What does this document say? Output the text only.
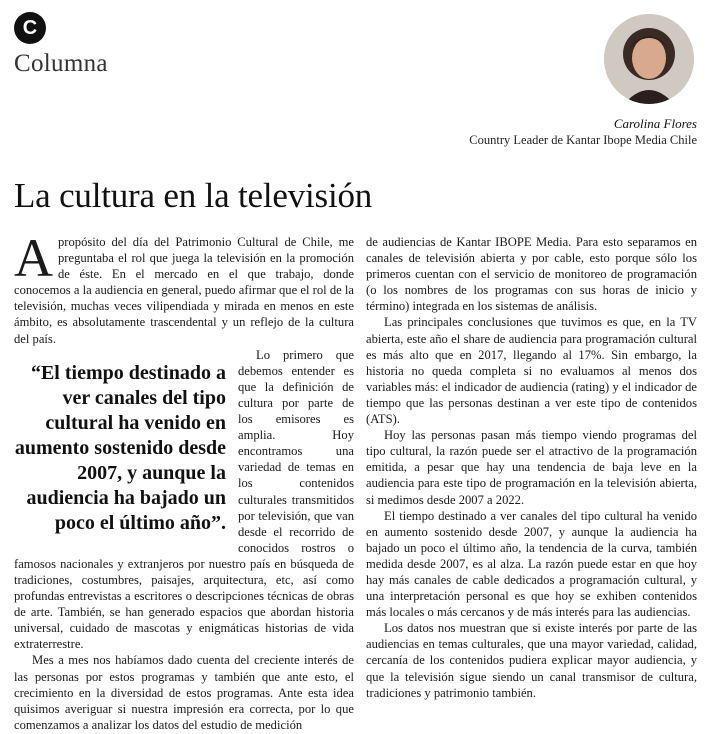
C
Columna
Carolina Flores
Country Leader de Kantar Ibope Media Chile
La cultura en la televisión

Apropósito del día del Patrimonio Cultural de Chile, me preguntaba el rol que juega la televisión en la promoción de éste. En el mercado en el que trabajo, donde conocemos a la audiencia en general, puedo afirmar que el rol de la televisión, muchas veces vilipendiada y mirada en menos en este ámbito, es absolutamente trascendental y un reflejo de la cultura del país.

“El tiempo destinado a ver canales del tipo cultural ha venido en aumento sostenido desde 2007, y aunque la audiencia ha bajado un poco el último año”.

Lo primero que debemos entender es que la definición de cultura por parte de los emisores es amplia. Hoy encontramos una variedad de temas en los contenidos culturales transmitidos por televisión, que van desde el recorrido de conocidos rostros o famosos nacionales y extranjeros por nuestro país en búsqueda de tradiciones, costumbres, paisajes, arquitectura, etc, así como profundas entrevistas a escritores o descripciones técnicas de obras de arte. También, se han generado espacios que abordan historia universal, cuidado de mascotas y enigmáticas historias de vida extraterrestre.

Mes a mes nos habíamos dado cuenta del creciente interés de las personas por estos programas y también que ante esto, el crecimiento en la diversidad de estos programas. Ante esta idea quisimos averiguar si nuestra impresión era correcta, por lo que comenzamos a analizar los datos del estudio de medición

de audiencias de Kantar IBOPE Media. Para esto separamos en canales de televisión abierta y por cable, esto porque sólo los primeros cuentan con el servicio de monitoreo de programación (o los nombres de los programas con sus horas de inicio y término) integrada en los sistemas de análisis.

Las principales conclusiones que tuvimos es que, en la TV abierta, este año el share de audiencia para programación cultural es más alto que en 2017, llegando al 17%. Sin embargo, la historia no queda completa si no evaluamos al menos dos variables más: el indicador de audiencia (rating) y el indicador de tiempo que las personas destinan a ver este tipo de contenidos (ATS).

Hoy las personas pasan más tiempo viendo programas del tipo cultural, la razón puede ser el atractivo de la programación emitida, a pesar que hay una tendencia de baja leve en la audiencia para este tipo de programación en la televisión abierta, si medimos desde 2007 a 2022.

El tiempo destinado a ver canales del tipo cultural ha venido en aumento sostenido desde 2007, y aunque la audiencia ha bajado un poco el último año, la tendencia de la curva, también medida desde 2007, es al alza. La razón puede estar en que hoy hay más canales de cable dedicados a programación cultural, y una interpretación personal es que hoy se exhiben contenidos más locales o más cercanos y de más interés para las audiencias.

Los datos nos muestran que si existe interés por parte de las audiencias en temas culturales, que una mayor variedad, calidad, cercanía de los contenidos pudiera explicar mayor audiencia, y que la televisión sigue siendo un canal transmisor de cultura, tradiciones y patrimonio también.
